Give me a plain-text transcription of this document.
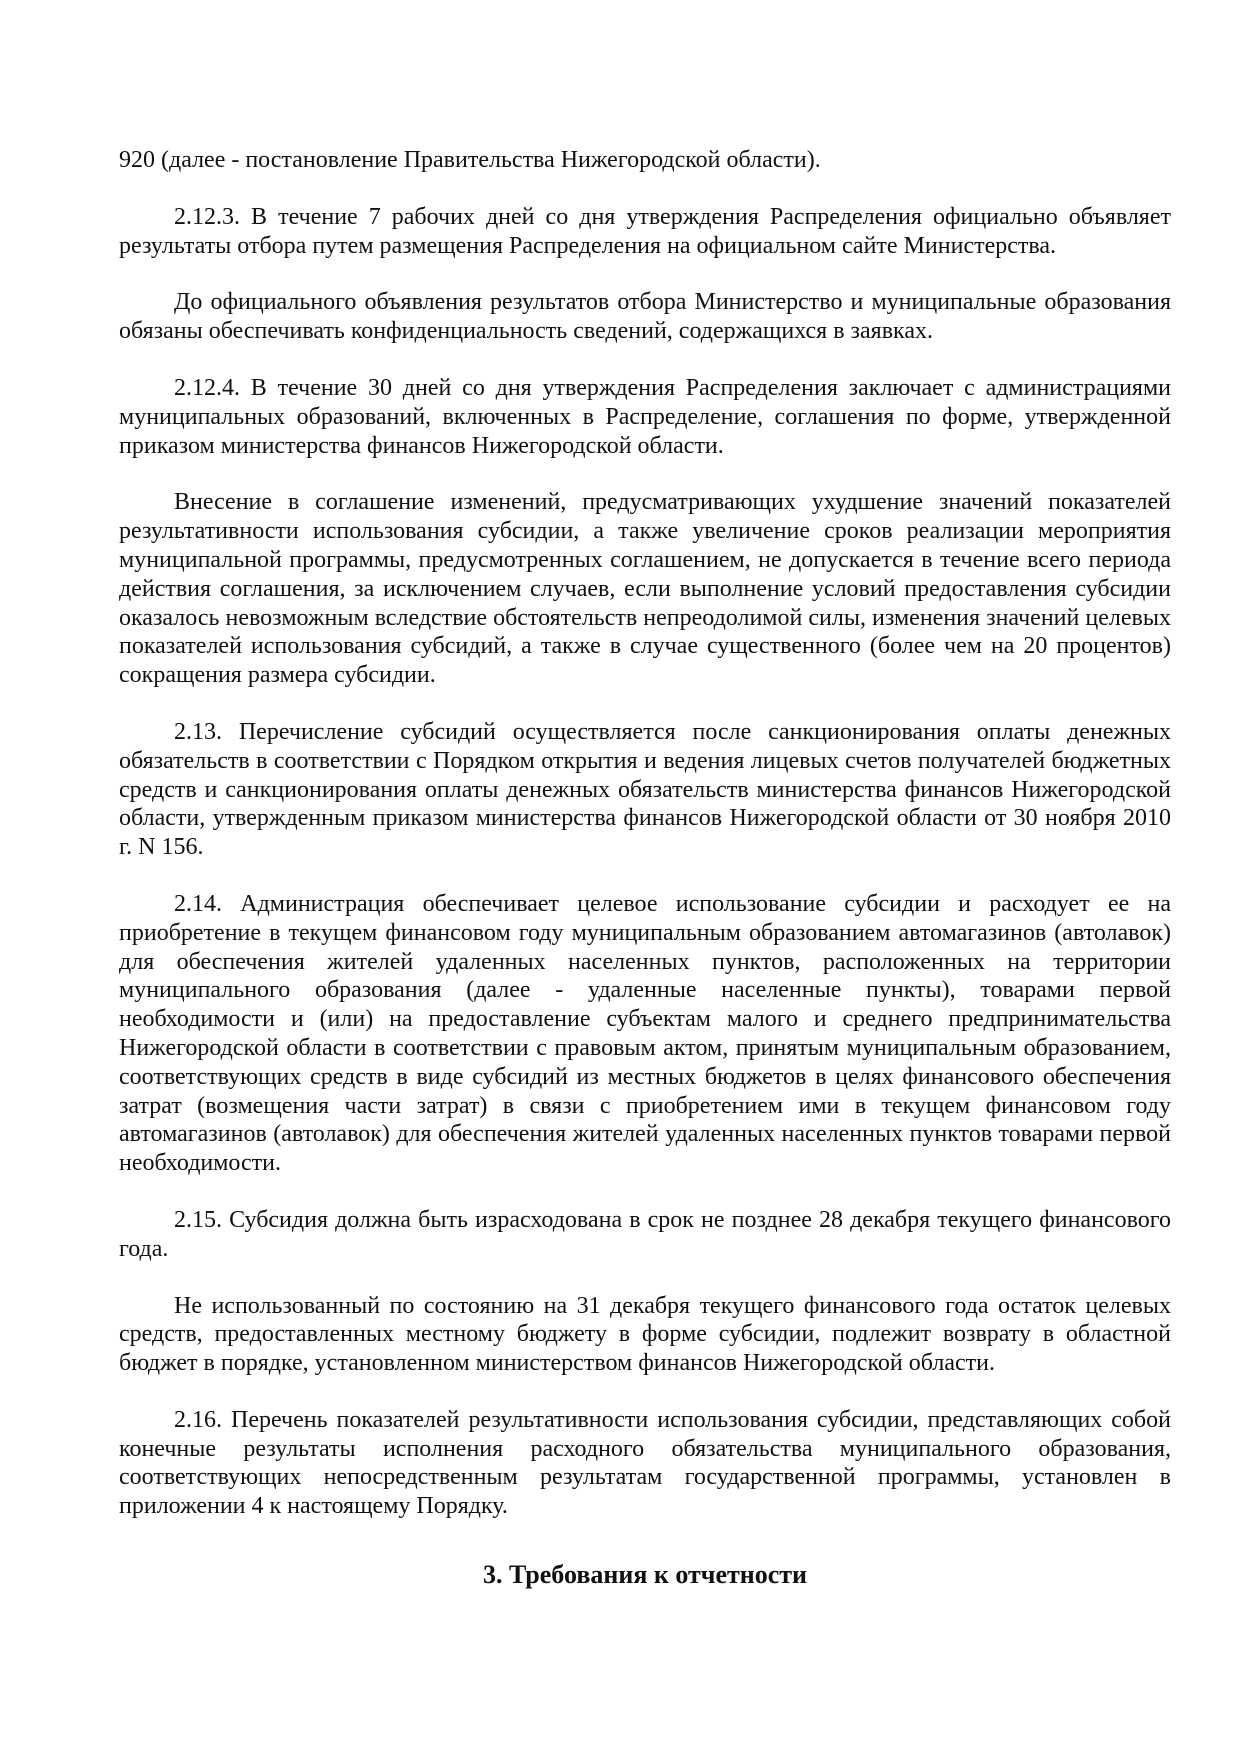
920 (далее - постановление Правительства Нижегородской области).

2.12.3. В течение 7 рабочих дней со дня утверждения Распределения официально объявляет результаты отбора путем размещения Распределения на официальном сайте Министерства.

До официального объявления результатов отбора Министерство и муниципальные образования обязаны обеспечивать конфиденциальность сведений, содержащихся в заявках.

2.12.4. В течение 30 дней со дня утверждения Распределения заключает с администрациями муниципальных образований, включенных в Распределение, соглашения по форме, утвержденной приказом министерства финансов Нижегородской области.

Внесение в соглашение изменений, предусматривающих ухудшение значений показателей результативности использования субсидии, а также увеличение сроков реализации мероприятия муниципальной программы, предусмотренных соглашением, не допускается в течение всего периода действия соглашения, за исключением случаев, если выполнение условий предоставления субсидии оказалось невозможным вследствие обстоятельств непреодолимой силы, изменения значений целевых показателей использования субсидий, а также в случае существенного (более чем на 20 процентов) сокращения размера субсидии.

2.13. Перечисление субсидий осуществляется после санкционирования оплаты денежных обязательств в соответствии с Порядком открытия и ведения лицевых счетов получателей бюджетных средств и санкционирования оплаты денежных обязательств министерства финансов Нижегородской области, утвержденным приказом министерства финансов Нижегородской области от 30 ноября 2010 г. N 156.

2.14. Администрация обеспечивает целевое использование субсидии и расходует ее на приобретение в текущем финансовом году муниципальным образованием автомагазинов (автолавок) для обеспечения жителей удаленных населенных пунктов, расположенных на территории муниципального образования (далее - удаленные населенные пункты), товарами первой необходимости и (или) на предоставление субъектам малого и среднего предпринимательства Нижегородской области в соответствии с правовым актом, принятым муниципальным образованием, соответствующих средств в виде субсидий из местных бюджетов в целях финансового обеспечения затрат (возмещения части затрат) в связи с приобретением ими в текущем финансовом году автомагазинов (автолавок) для обеспечения жителей удаленных населенных пунктов товарами первой необходимости.

2.15. Субсидия должна быть израсходована в срок не позднее 28 декабря текущего финансового года.

Не использованный по состоянию на 31 декабря текущего финансового года остаток целевых средств, предоставленных местному бюджету в форме субсидии, подлежит возврату в областной бюджет в порядке, установленном министерством финансов Нижегородской области.

2.16. Перечень показателей результативности использования субсидии, представляющих собой конечные результаты исполнения расходного обязательства муниципального образования, соответствующих непосредственным результатам государственной программы, установлен в приложении 4 к настоящему Порядку.

3. Требования к отчетности
